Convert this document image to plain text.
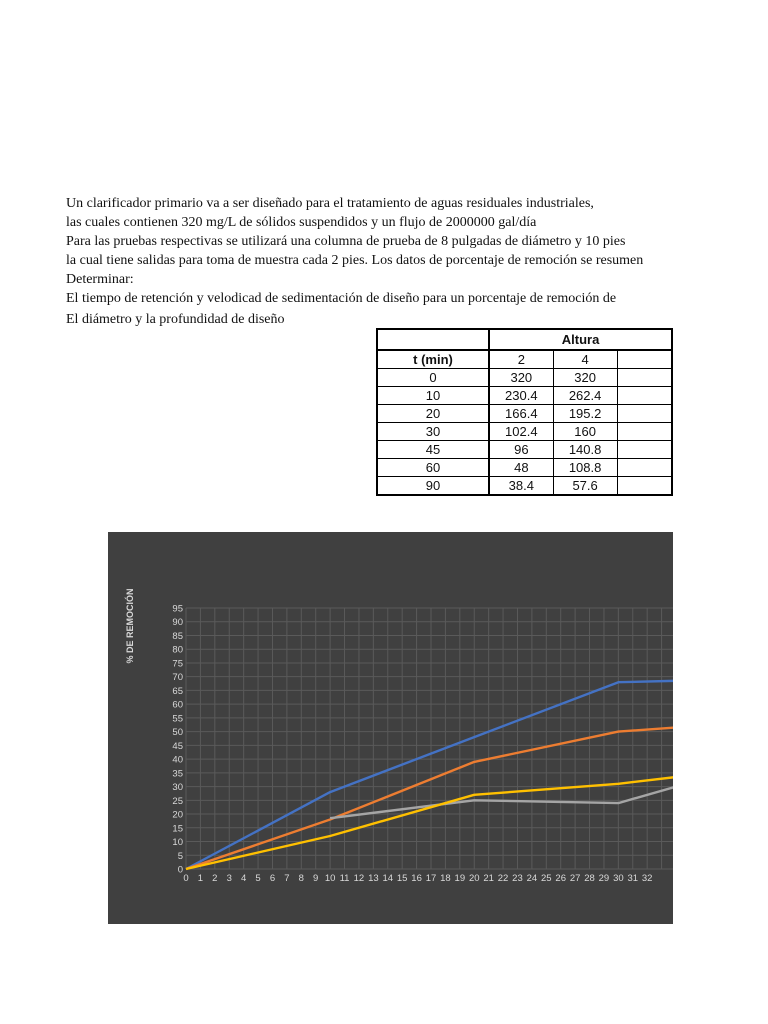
Un clarificador primario va a ser diseñado para el tratamiento de aguas residuales industriales,
las cuales contienen 320 mg/L de sólidos suspendidos y un flujo de 2000000 gal/día
Para las pruebas respectivas se utilizará una columna de prueba de 8 pulgadas de diámetro y 10 pies
la cual tiene salidas para toma de muestra cada 2 pies. Los datos de porcentaje de remoción se resumen
Determinar:
El tiempo de retención y velodicad de sedimentación de diseño para un porcentaje de remoción de
El diámetro y la profundidad de diseño
	Altura		
t (min)	2	4	
0	320	320	
10	230.4	262.4	
20	166.4	195.2	
30	102.4	160	
45	96	140.8	
60	48	108.8	
90	38.4	57.6	
0
5
10
15
20
25
30
35
40
45
50
55
60
65
70
75
80
85
90
95
0 1 2 3 4 5 6 7 8 9 10 11 12 13 14 15 16 17 18 19 20 21 22 23 24 25 26 27 28 29 30 31 32
% DE REMOCIÓN
